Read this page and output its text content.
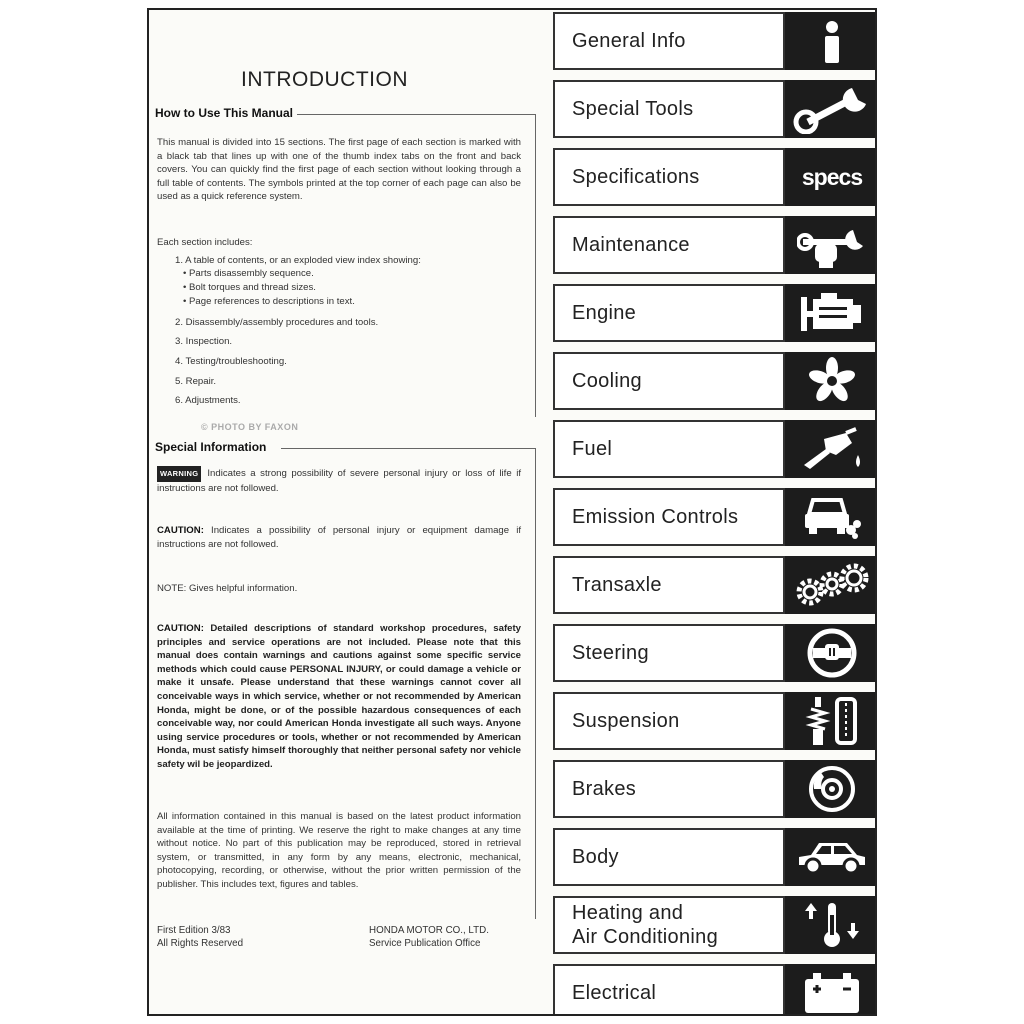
INTRODUCTION
How to Use This Manual
This manual is divided into 15 sections. The first page of each section is marked with a black tab that lines up with one of the thumb index tabs on the front and back covers. You can quickly find the first page of each section without looking through a full table of contents. The symbols printed at the top corner of each page can also be used as a quick reference system.
Each section includes:
1. A table of contents, or an exploded view index showing:
• Parts disassembly sequence.
• Bolt torques and thread sizes.
• Page references to descriptions in text.
2. Disassembly/assembly procedures and tools.
3. Inspection.
4. Testing/troubleshooting.
5. Repair.
6. Adjustments.
© PHOTO BY FAXON
Special Information
WARNING Indicates a strong possibility of severe personal injury or loss of life if instructions are not followed.
CAUTION: Indicates a possibility of personal injury or equipment damage if instructions are not followed.
NOTE: Gives helpful information.
CAUTION: Detailed descriptions of standard workshop procedures, safety principles and service operations are not included. Please note that this manual does contain warnings and cautions against some specific service methods which could cause PERSONAL INJURY, or could damage a vehicle or make it unsafe. Please understand that these warnings cannot cover all conceivable ways in which service, whether or not recommended by American Honda, might be done, or of the possible hazardous consequences of each conceivable way, nor could American Honda investigate all such ways. Anyone using service procedures or tools, whether or not recommended by American Honda, must satisfy himself thoroughly that neither personal safety nor vehicle safety wil be jeopardized.
All information contained in this manual is based on the latest product information available at the time of printing. We reserve the right to make changes at any time without notice. No part of this publication may be reproduced, stored in retrieval system, or transmitted, in any form by any means, electronic, mechanical, photocopying, recording, or otherwise, without the prior written permission of the publisher. This includes text, figures and tables.
First Edition 3/83
All Rights Reserved
HONDA MOTOR CO., LTD.
Service Publication Office
General Info
Special Tools
Specifications	specs
Maintenance
Engine
Cooling
Fuel
Emission Controls
Transaxle
Steering
Suspension
Brakes
Body
Heating and
Air Conditioning
Electrical
